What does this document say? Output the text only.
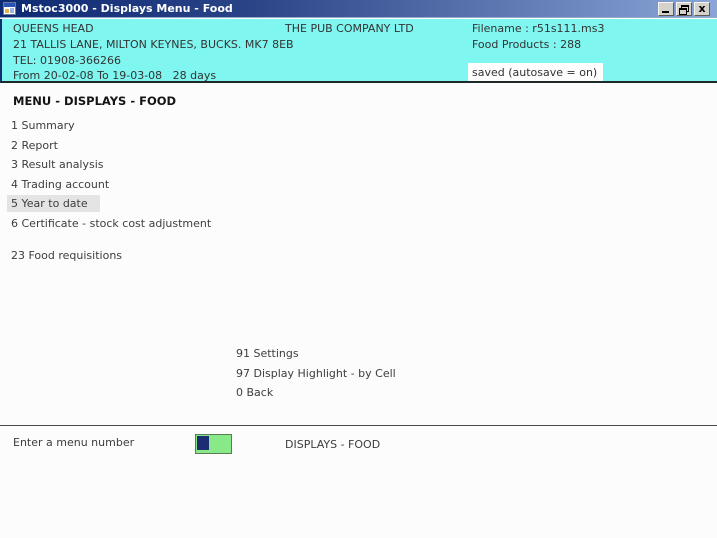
Mstoc3000 - Displays Menu - Food	x
QUEENS HEAD	THE PUB COMPANY LTD	Filename : r51s111.ms3
21 TALLIS LANE, MILTON KEYNES, BUCKS. MK7 8EB	Food Products : 288
TEL: 01908-366266
From 20-02-08 To 19-03-08   28 days	saved (autosave = on)
MENU - DISPLAYS - FOOD
1 Summary
2 Report
3 Result analysis
4 Trading account
5 Year to date
6 Certificate - stock cost adjustment
23 Food requisitions
91 Settings
97 Display Highlight - by Cell
0 Back
Enter a menu number	DISPLAYS - FOOD
